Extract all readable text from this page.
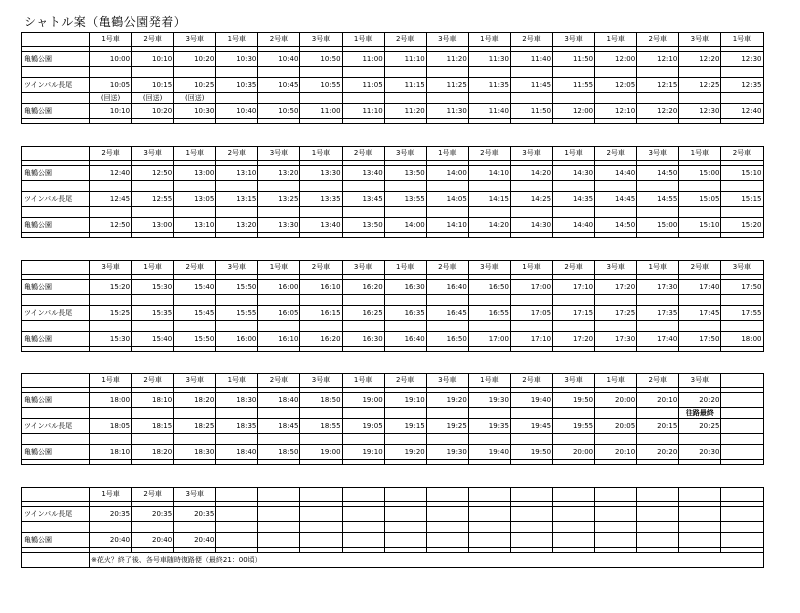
シャトル案（亀鶴公園発着）
	1号車	2号車	3号車	1号車	2号車	3号車	1号車	2号車	3号車	1号車	2号車	3号車	1号車	2号車	3号車	1号車

亀鶴公園	10:00	10:10	10:20	10:30	10:40	10:50	11:00	11:10	11:20	11:30	11:40	11:50	12:00	12:10	12:20	12:30

ツインパル長尾	10:05	10:15	10:25	10:35	10:45	10:55	11:05	11:15	11:25	11:35	11:45	11:55	12:05	12:15	12:25	12:35
	(回送)	(回送)	(回送)													
亀鶴公園	10:10	10:20	10:30	10:40	10:50	11:00	11:10	11:20	11:30	11:40	11:50	12:00	12:10	12:20	12:30	12:40

	2号車	3号車	1号車	2号車	3号車	1号車	2号車	3号車	1号車	2号車	3号車	1号車	2号車	3号車	1号車	2号車

亀鶴公園	12:40	12:50	13:00	13:10	13:20	13:30	13:40	13:50	14:00	14:10	14:20	14:30	14:40	14:50	15:00	15:10

ツインパル長尾	12:45	12:55	13:05	13:15	13:25	13:35	13:45	13:55	14:05	14:15	14:25	14:35	14:45	14:55	15:05	15:15

亀鶴公園	12:50	13:00	13:10	13:20	13:30	13:40	13:50	14:00	14:10	14:20	14:30	14:40	14:50	15:00	15:10	15:20

	3号車	1号車	2号車	3号車	1号車	2号車	3号車	1号車	2号車	3号車	1号車	2号車	3号車	1号車	2号車	3号車

亀鶴公園	15:20	15:30	15:40	15:50	16:00	16:10	16:20	16:30	16:40	16:50	17:00	17:10	17:20	17:30	17:40	17:50

ツインパル長尾	15:25	15:35	15:45	15:55	16:05	16:15	16:25	16:35	16:45	16:55	17:05	17:15	17:25	17:35	17:45	17:55

亀鶴公園	15:30	15:40	15:50	16:00	16:10	16:20	16:30	16:40	16:50	17:00	17:10	17:20	17:30	17:40	17:50	18:00

	1号車	2号車	3号車	1号車	2号車	3号車	1号車	2号車	3号車	1号車	2号車	3号車	1号車	2号車	3号車	

亀鶴公園	18:00	18:10	18:20	18:30	18:40	18:50	19:00	19:10	19:20	19:30	19:40	19:50	20:00	20:10	20:20	
															往路最終	
ツインパル長尾	18:05	18:15	18:25	18:35	18:45	18:55	19:05	19:15	19:25	19:35	19:45	19:55	20:05	20:15	20:25	

亀鶴公園	18:10	18:20	18:30	18:40	18:50	19:00	19:10	19:20	19:30	19:40	19:50	20:00	20:10	20:20	20:30	

	1号車	2号車	3号車													

ツインパル長尾	20:35	20:35	20:35													

亀鶴公園	20:40	20:40	20:40													

	※花火？終了後、各号車随時復路便（最終21：00頃）															
